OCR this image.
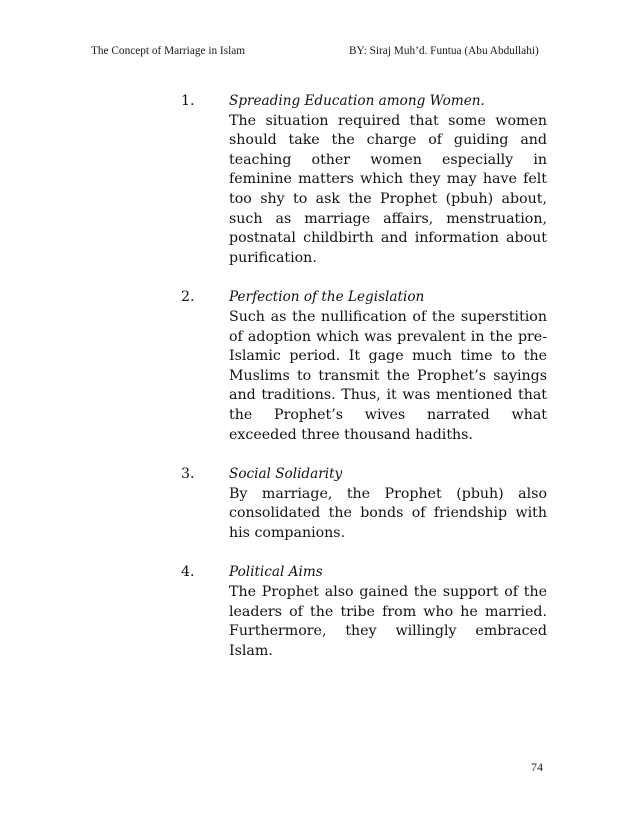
The Concept of Marriage in Islam	BY: Siraj Muh’d. Funtua (Abu Abdullahi)
1.	Spreading Education among Women.
The situation required that some women should take the charge of guiding and teaching other women especially in feminine matters which they may have felt too shy to ask the Prophet (pbuh) about, such as marriage affairs, menstruation, postnatal childbirth and information about purification.
2.	Perfection of the Legislation
Such as the nullification of the superstition of adoption which was prevalent in the pre-Islamic period. It gage much time to the Muslims to transmit the Prophet’s sayings and traditions. Thus, it was mentioned that the Prophet’s wives narrated what exceeded three thousand hadiths.
3.	Social Solidarity
By marriage, the Prophet (pbuh) also consolidated the bonds of friendship with his companions.
4.	Political Aims
The Prophet also gained the support of the leaders of the tribe from who he married. Furthermore, they willingly embraced Islam.
74
